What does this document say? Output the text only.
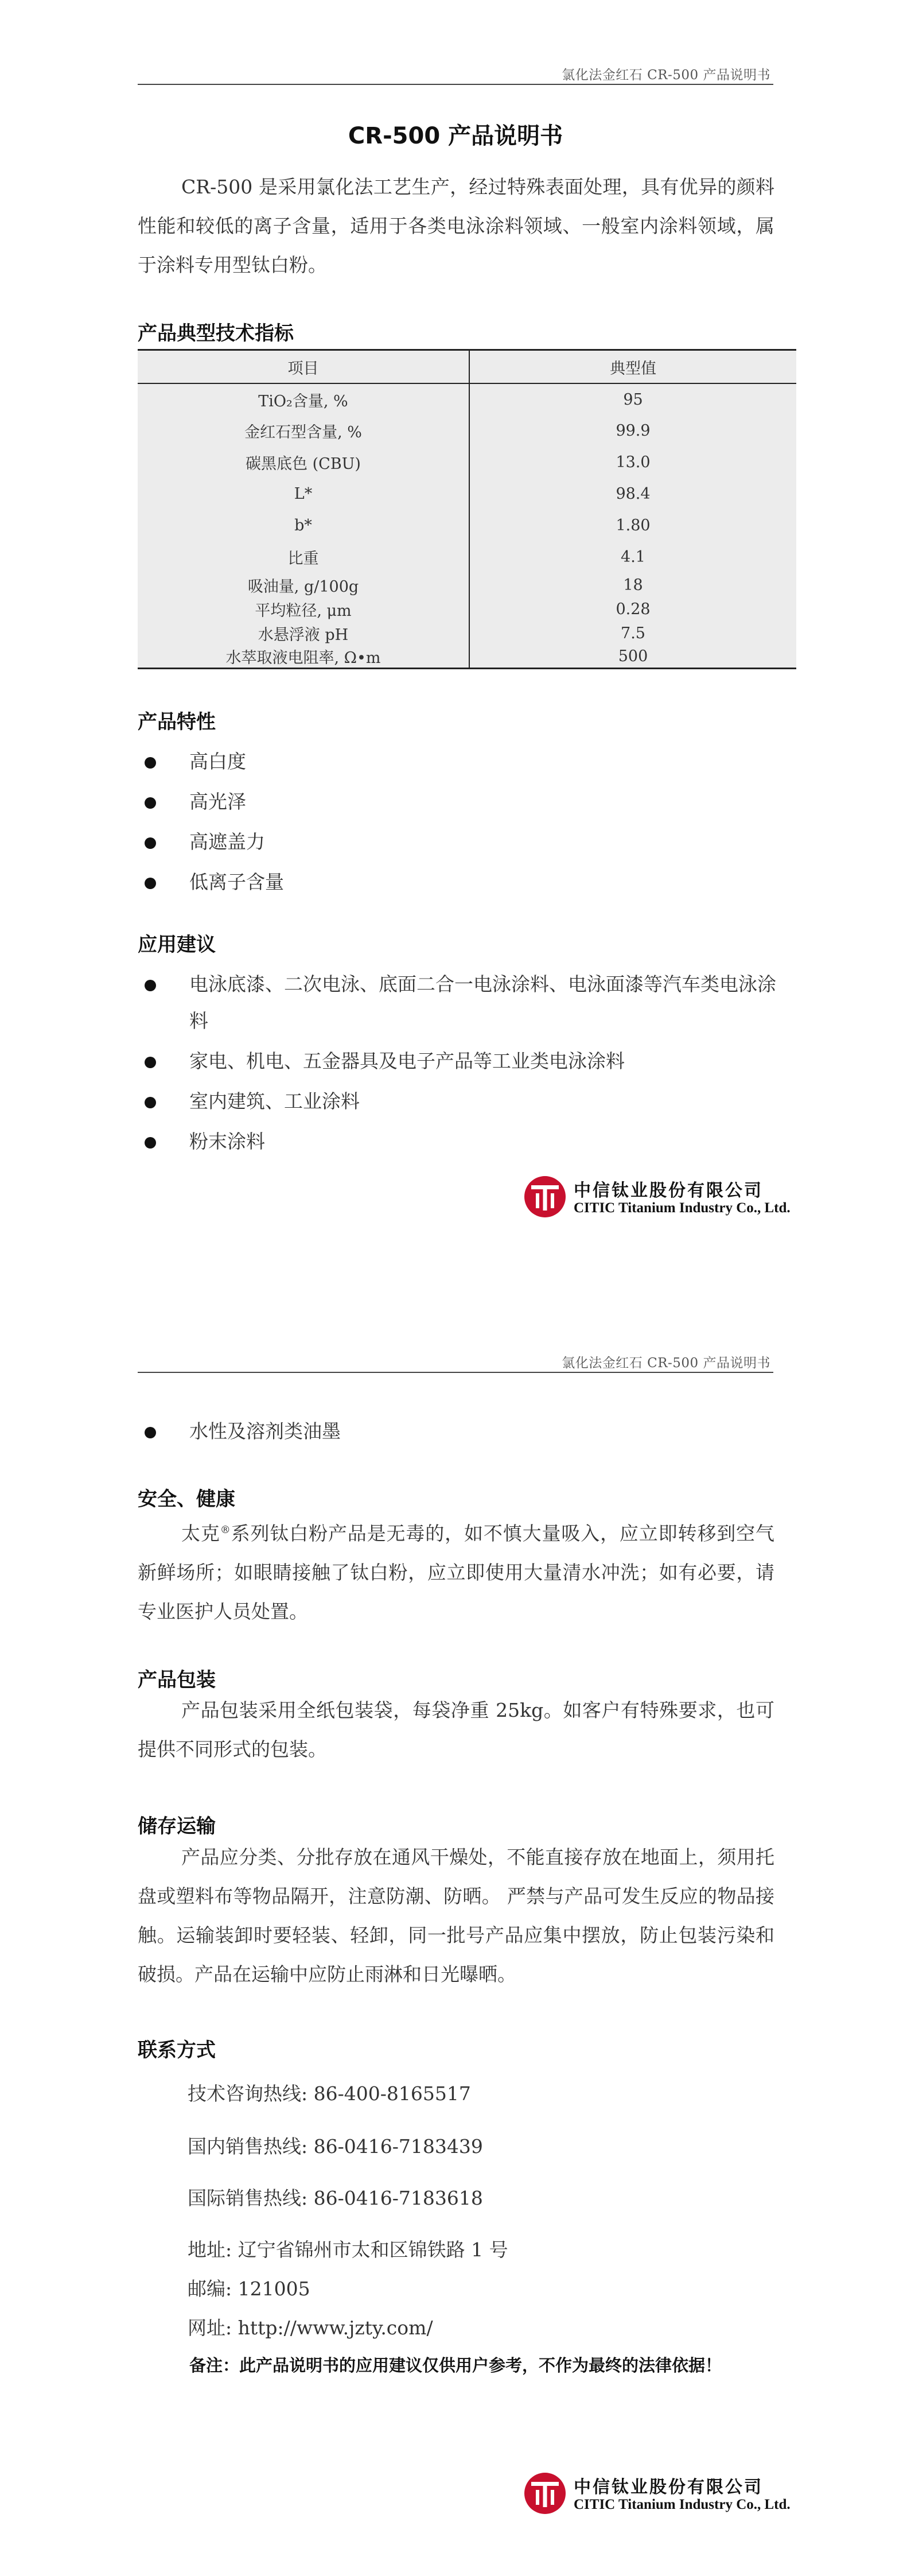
氯化法金红石 CR-500 产品说明书
CR-500 产品说明书
CR-500 是采用氯化法工艺生产，经过特殊表面处理，具有优异的颜料性能和较低的离子含量，适用于各类电泳涂料领域、一般室内涂料领域，属于涂料专用型钛白粉。
产品典型技术指标
项目	典型值
TiO₂含量, %	95
金红石型含量, %	99.9
碳黑底色 (CBU)	13.0
L*	98.4
b*	1.80
比重	4.1
吸油量, g/100g	18
平均粒径, μm	0.28
水悬浮液 pH	7.5
水萃取液电阻率, Ω•m	500
产品特性
高白度
高光泽
高遮盖力
低离子含量
应用建议
电泳底漆、二次电泳、底面二合一电泳涂料、电泳面漆等汽车类电泳涂料
家电、机电、五金器具及电子产品等工业类电泳涂料
室内建筑、工业涂料
粉末涂料
中信钛业股份有限公司
CITIC Titanium Industry Co., Ltd.
氯化法金红石 CR-500 产品说明书
水性及溶剂类油墨
安全、健康
太克®系列钛白粉产品是无毒的，如不慎大量吸入，应立即转移到空气新鲜场所；如眼睛接触了钛白粉，应立即使用大量清水冲洗；如有必要，请专业医护人员处置。
产品包装
产品包装采用全纸包装袋，每袋净重 25kg。如客户有特殊要求，也可提供不同形式的包装。
储存运输
产品应分类、分批存放在通风干燥处，不能直接存放在地面上，须用托盘或塑料布等物品隔开，注意防潮、防晒。 严禁与产品可发生反应的物品接触。运输装卸时要轻装、轻卸，同一批号产品应集中摆放，防止包装污染和破损。产品在运输中应防止雨淋和日光曝晒。
联系方式
技术咨询热线: 86-400-8165517
国内销售热线: 86-0416-7183439
国际销售热线: 86-0416-7183618
地址: 辽宁省锦州市太和区锦铁路 1 号
邮编: 121005
网址: http://www.jzty.com/
备注：此产品说明书的应用建议仅供用户参考，不作为最终的法律依据！
中信钛业股份有限公司
CITIC Titanium Industry Co., Ltd.
